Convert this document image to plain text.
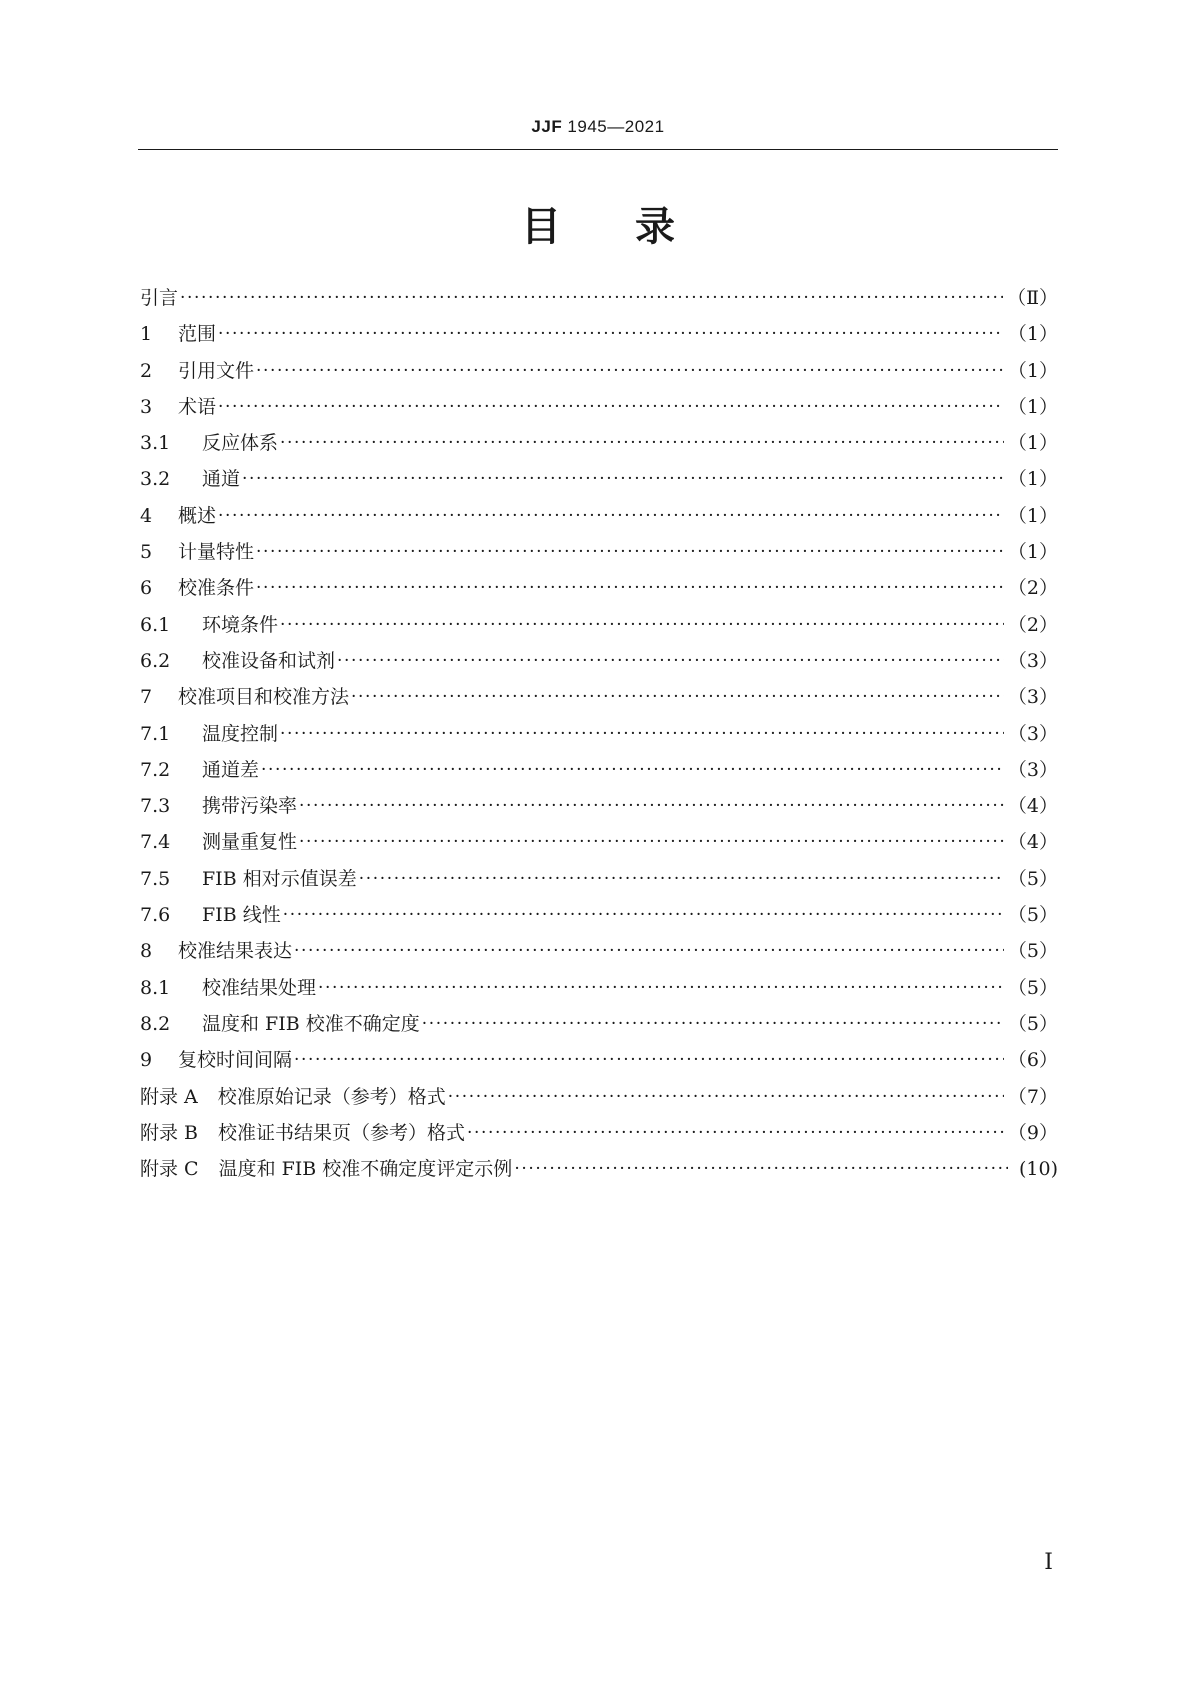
JJF 1945—2021
目录
引言 ·····	（Ⅱ）
1 范围 ·····	（1）
2 引用文件 ·····	（1）
3 术语 ·····	（1）
3.1 反应体系 ·····	（1）
3.2 通道 ·····	（1）
4 概述 ·····	（1）
5 计量特性 ·····	（1）
6 校准条件 ·····	（2）
6.1 环境条件 ·····	（2）
6.2 校准设备和试剂 ·····	（3）
7 校准项目和校准方法 ·····	（3）
7.1 温度控制 ·····	（3）
7.2 通道差 ·····	（3）
7.3 携带污染率 ·····	（4）
7.4 测量重复性 ·····	（4）
7.5 FIB 相对示值误差 ·····	（5）
7.6 FIB 线性 ·····	（5）
8 校准结果表达 ·····	（5）
8.1 校准结果处理 ·····	（5）
8.2 温度和 FIB 校准不确定度 ·····	（5）
9 复校时间间隔 ·····	（6）
附录 A 校准原始记录（参考）格式 ·····	（7）
附录 B 校准证书结果页（参考）格式 ·····	（9）
附录 C 温度和 FIB 校准不确定度评定示例 ·····	(10)
Ⅰ
